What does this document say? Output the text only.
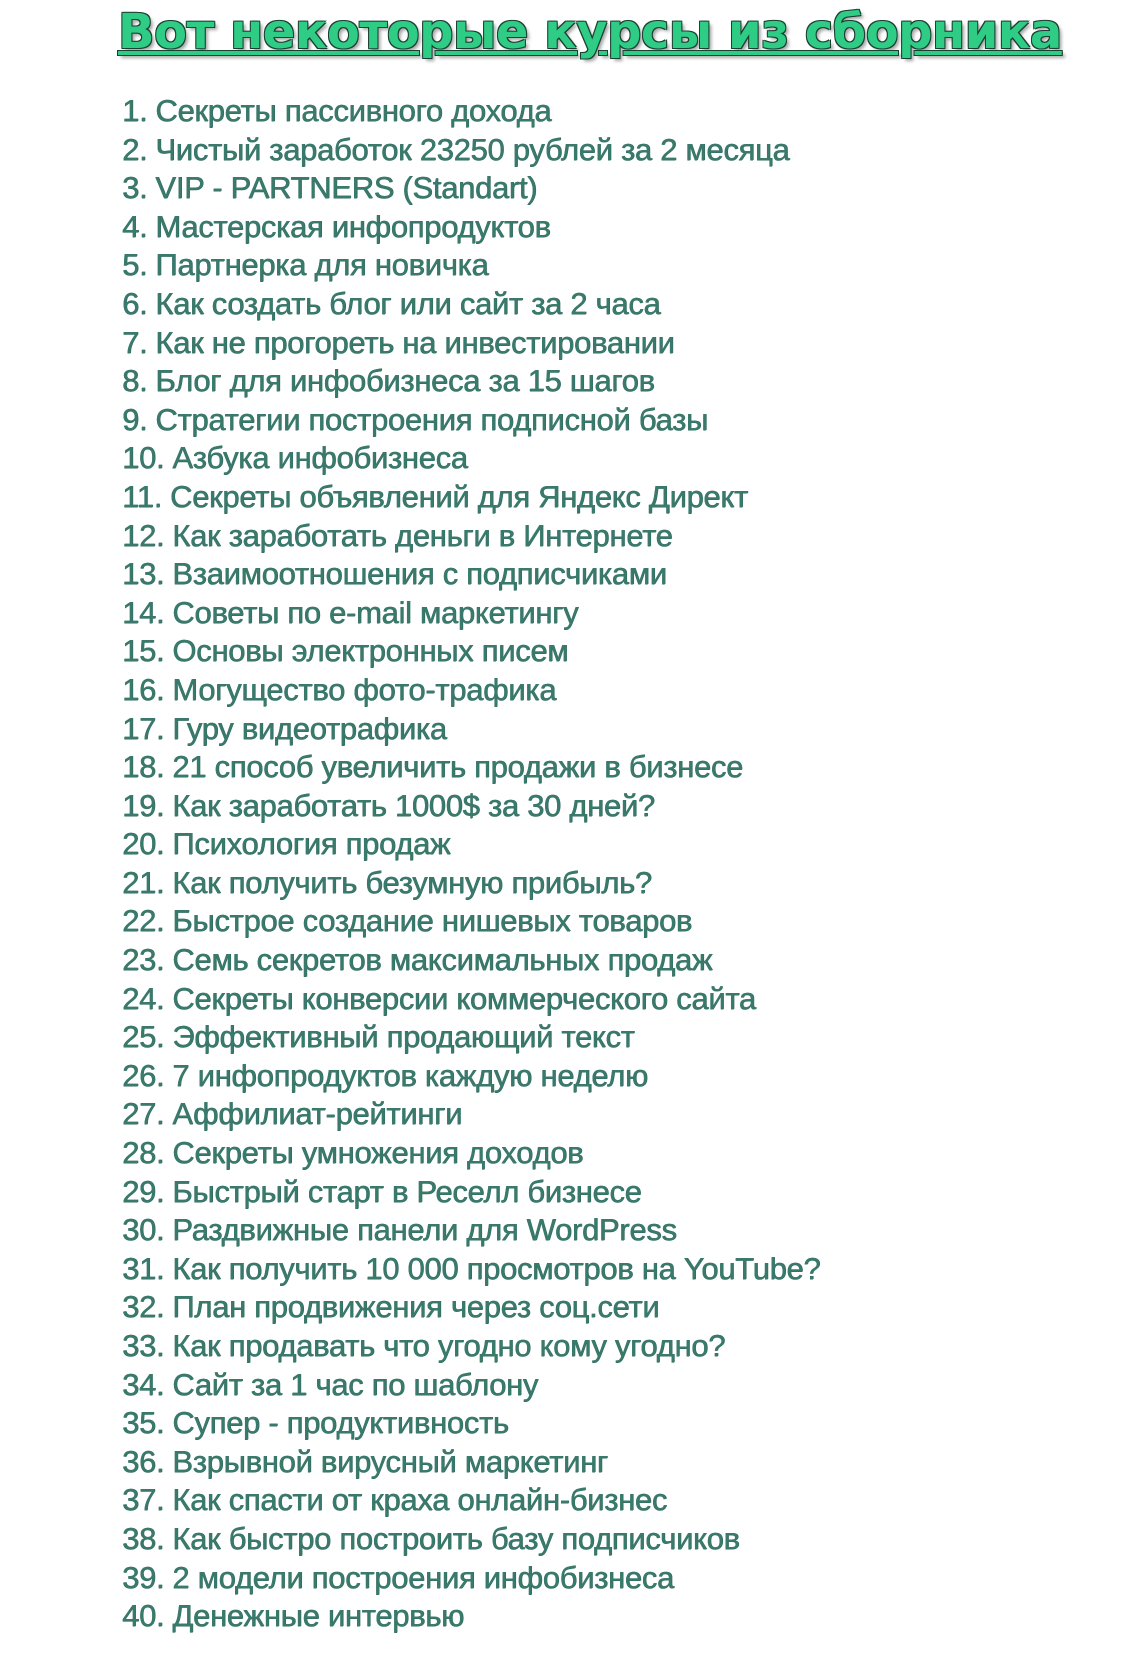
Вот некоторые курсы из сборника
1. Секреты пассивного дохода
2. Чистый заработок 23250 рублей за 2 месяца
3. VIP - PARTNERS (Standart)
4. Мастерская инфопродуктов
5. Партнерка для новичка
6. Как создать блог или сайт за 2 часа
7. Как не прогореть на инвестировании
8. Блог для инфобизнеса за 15 шагов
9. Стратегии построения подписной базы
10. Азбука инфобизнеса
11. Секреты объявлений для Яндекс Директ
12. Как заработать деньги в Интернете
13. Взаимоотношения с подписчиками
14. Советы по e-mail маркетингу
15. Основы электронных писем
16. Могущество фото-трафика
17. Гуру видеотрафика
18. 21 способ увеличить продажи в бизнесе
19. Как заработать 1000$ за 30 дней?
20. Психология продаж
21. Как получить безумную прибыль?
22. Быстрое создание нишевых товаров
23. Семь секретов максимальных продаж
24. Секреты конверсии коммерческого сайта
25. Эффективный продающий текст
26. 7 инфопродуктов каждую неделю
27. Аффилиат-рейтинги
28. Секреты умножения доходов
29. Быстрый старт в Реселл бизнесе
30. Раздвижные панели для WordPress
31. Как получить 10 000 просмотров на YouTube?
32. План продвижения через соц.сети
33. Как продавать что угодно кому угодно?
34. Сайт за 1 час по шаблону
35. Супер - продуктивность
36. Взрывной вирусный маркетинг
37. Как спасти от краха онлайн-бизнес
38. Как быстро построить базу подписчиков
39. 2 модели построения инфобизнеса
40. Денежные интервью
